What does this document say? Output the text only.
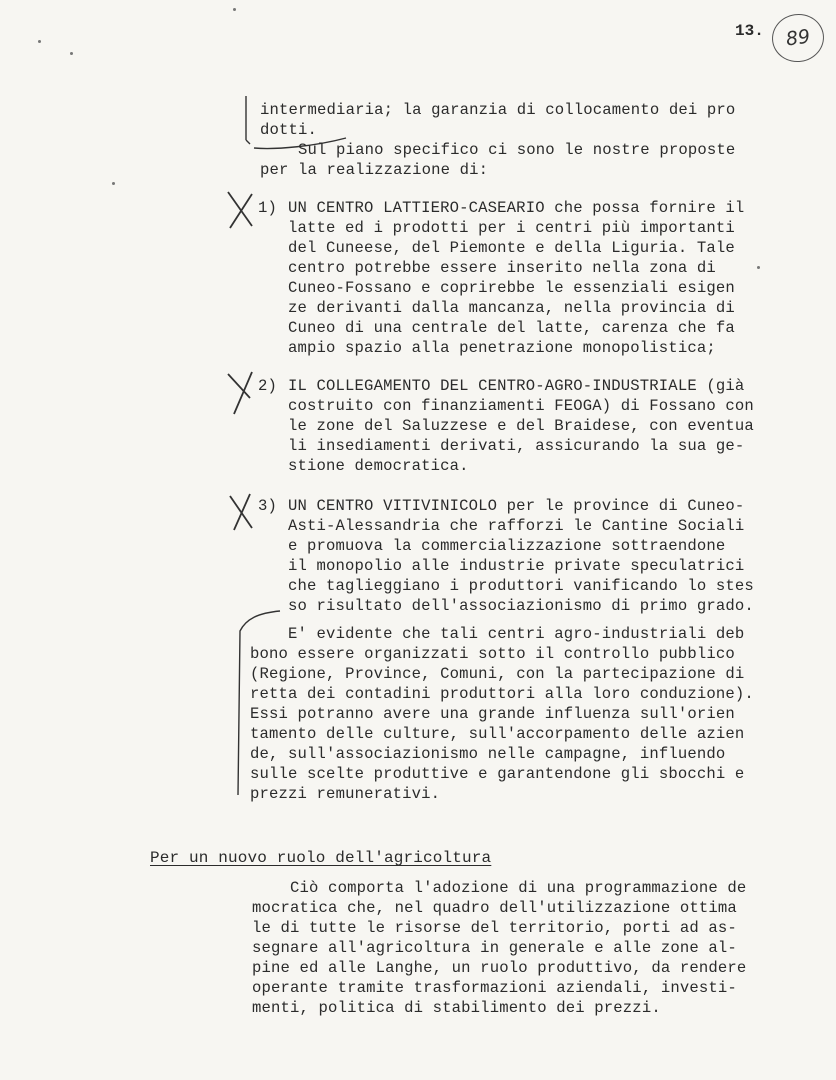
13.	89
intermediaria; la garanzia di collocamento dei pro
dotti.
Sul piano specifico ci sono le nostre proposte
per la realizzazione di:
1) UN CENTRO LATTIERO-CASEARIO che possa fornire il
latte ed i prodotti per i centri più importanti
del Cuneese, del Piemonte e della Liguria. Tale
centro potrebbe essere inserito nella zona di
Cuneo-Fossano e coprirebbe le essenziali esigen
ze derivanti dalla mancanza, nella provincia di
Cuneo di una centrale del latte, carenza che fa
ampio spazio alla penetrazione monopolistica;
2) IL COLLEGAMENTO DEL CENTRO-AGRO-INDUSTRIALE (già
costruito con finanziamenti FEOGA) di Fossano con
le zone del Saluzzese e del Braidese, con eventua
li insediamenti derivati, assicurando la sua ge-
stione democratica.
3) UN CENTRO VITIVINICOLO per le province di Cuneo-
Asti-Alessandria che rafforzi le Cantine Sociali
e promuova la commercializzazione sottraendone
il monopolio alle industrie private speculatrici
che taglieggiano i produttori vanificando lo stes
so risultato dell'associazionismo di primo grado.
E' evidente che tali centri agro-industriali deb
bono essere organizzati sotto il controllo pubblico
(Regione, Province, Comuni, con la partecipazione di
retta dei contadini produttori alla loro conduzione).
Essi potranno avere una grande influenza sull'orien
tamento delle culture, sull'accorpamento delle azien
de, sull'associazionismo nelle campagne, influendo
sulle scelte produttive e garantendone gli sbocchi e
prezzi remunerativi.
Per un nuovo ruolo dell'agricoltura
Ciò comporta l'adozione di una programmazione de
mocratica che, nel quadro dell'utilizzazione ottima
le di tutte le risorse del territorio, porti ad as-
segnare all'agricoltura in generale e alle zone al-
pine ed alle Langhe, un ruolo produttivo, da rendere
operante tramite trasformazioni aziendali, investi-
menti, politica di stabilimento dei prezzi.
